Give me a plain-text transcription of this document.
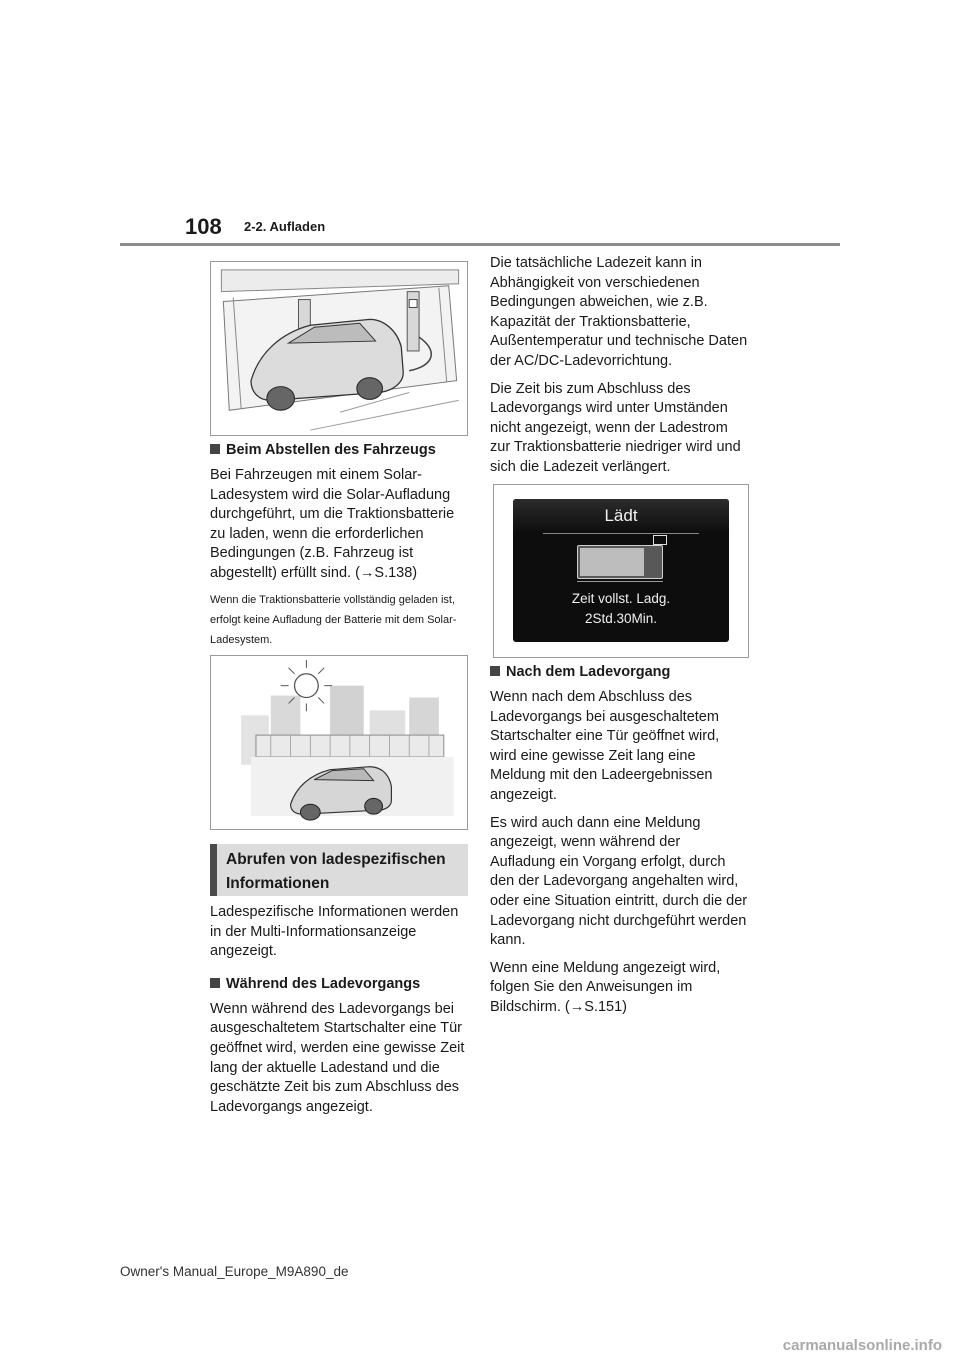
108 2-2. Aufladen
Beim Abstellen des Fahrzeugs
Bei Fahrzeugen mit einem Solar-Ladesystem wird die Solar-Aufladung durchgeführt, um die Traktionsbatterie zu laden, wenn die erforderlichen Bedingungen (z.B. Fahrzeug ist abgestellt) erfüllt sind. (→S.138)
Wenn die Traktionsbatterie vollständig geladen ist, erfolgt keine Aufladung der Batterie mit dem Solar-Ladesystem.
Abrufen von ladespezifischen Informationen
Ladespezifische Informationen werden in der Multi-Informationsanzeige angezeigt.
Während des Ladevorgangs
Wenn während des Ladevorgangs bei ausgeschaltetem Startschalter eine Tür geöffnet wird, werden eine gewisse Zeit lang der aktuelle Ladestand und die geschätzte Zeit bis zum Abschluss des Ladevorgangs angezeigt.
Die tatsächliche Ladezeit kann in Abhängigkeit von verschiedenen Bedingungen abweichen, wie z.B. Kapazität der Traktionsbatterie, Außentemperatur und technische Daten der AC/DC-Ladevorrichtung.
Die Zeit bis zum Abschluss des Ladevorgangs wird unter Umständen nicht angezeigt, wenn der Ladestrom zur Traktionsbatterie niedriger wird und sich die Ladezeit verlängert.
Lädt
Zeit vollst. Ladg.
2Std.30Min.
Nach dem Ladevorgang
Wenn nach dem Abschluss des Ladevorgangs bei ausgeschaltetem Startschalter eine Tür geöffnet wird, wird eine gewisse Zeit lang eine Meldung mit den Ladeergebnissen angezeigt.
Es wird auch dann eine Meldung angezeigt, wenn während der Aufladung ein Vorgang erfolgt, durch den der Ladevorgang angehalten wird, oder eine Situation eintritt, durch die der Ladevorgang nicht durchgeführt werden kann.
Wenn eine Meldung angezeigt wird, folgen Sie den Anweisungen im Bildschirm. (→S.151)
Owner's Manual_Europe_M9A890_de
carmanualsonline.info
